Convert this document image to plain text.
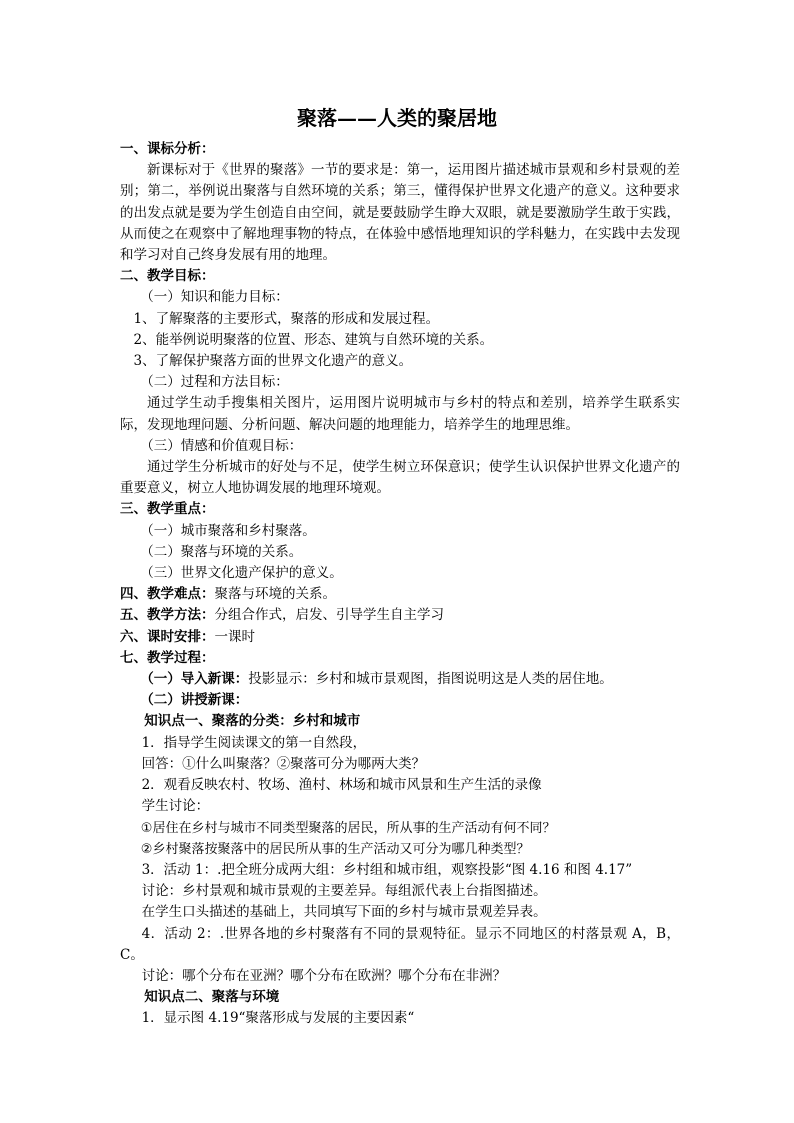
聚落——人类的聚居地

一、课标分析：

新课标对于《世界的聚落》一节的要求是：第一，运用图片描述城市景观和乡村景观的差别；第二，举例说出聚落与自然环境的关系；第三，懂得保护世界文化遗产的意义。这种要求的出发点就是要为学生创造自由空间，就是要鼓励学生睁大双眼，就是要激励学生敢于实践，从而使之在观察中了解地理事物的特点，在体验中感悟地理知识的学科魅力，在实践中去发现和学习对自己终身发展有用的地理。

二、教学目标：

（一）知识和能力目标：

1、了解聚落的主要形式，聚落的形成和发展过程。

2、能举例说明聚落的位置、形态、建筑与自然环境的关系。

3、了解保护聚落方面的世界文化遗产的意义。

（二）过程和方法目标：

通过学生动手搜集相关图片，运用图片说明城市与乡村的特点和差别，培养学生联系实际，发现地理问题、分析问题、解决问题的地理能力，培养学生的地理思维。

（三）情感和价值观目标：

通过学生分析城市的好处与不足，使学生树立环保意识；使学生认识保护世界文化遗产的重要意义，树立人地协调发展的地理环境观。

三、教学重点：

（一）城市聚落和乡村聚落。

（二）聚落与环境的关系。

（三）世界文化遗产保护的意义。

四、教学难点：聚落与环境的关系。

五、教学方法：分组合作式，启发、引导学生自主学习

六、课时安排：一课时

七、教学过程：

（一）导入新课：投影显示：乡村和城市景观图，指图说明这是人类的居住地。

（二）讲授新课：

知识点一、聚落的分类：乡村和城市

1．指导学生阅读课文的第一自然段，

回答：①什么叫聚落？②聚落可分为哪两大类？

2．观看反映农村、牧场、渔村、林场和城市风景和生产生活的录像

学生讨论：

①居住在乡村与城市不同类型聚落的居民，所从事的生产活动有何不同？

②乡村聚落按聚落中的居民所从事的生产活动又可分为哪几种类型？

3．活动 1：.把全班分成两大组：乡村组和城市组，观察投影“图 4.16 和图 4.17”

讨论：乡村景观和城市景观的主要差异。每组派代表上台指图描述。

在学生口头描述的基础上，共同填写下面的乡村与城市景观差异表。

4．活动 2：.世界各地的乡村聚落有不同的景观特征。显示不同地区的村落景观 A，B，C。

讨论：哪个分布在亚洲？哪个分布在欧洲？哪个分布在非洲？

知识点二、聚落与环境

1．显示图 4.19“聚落形成与发展的主要因素“
